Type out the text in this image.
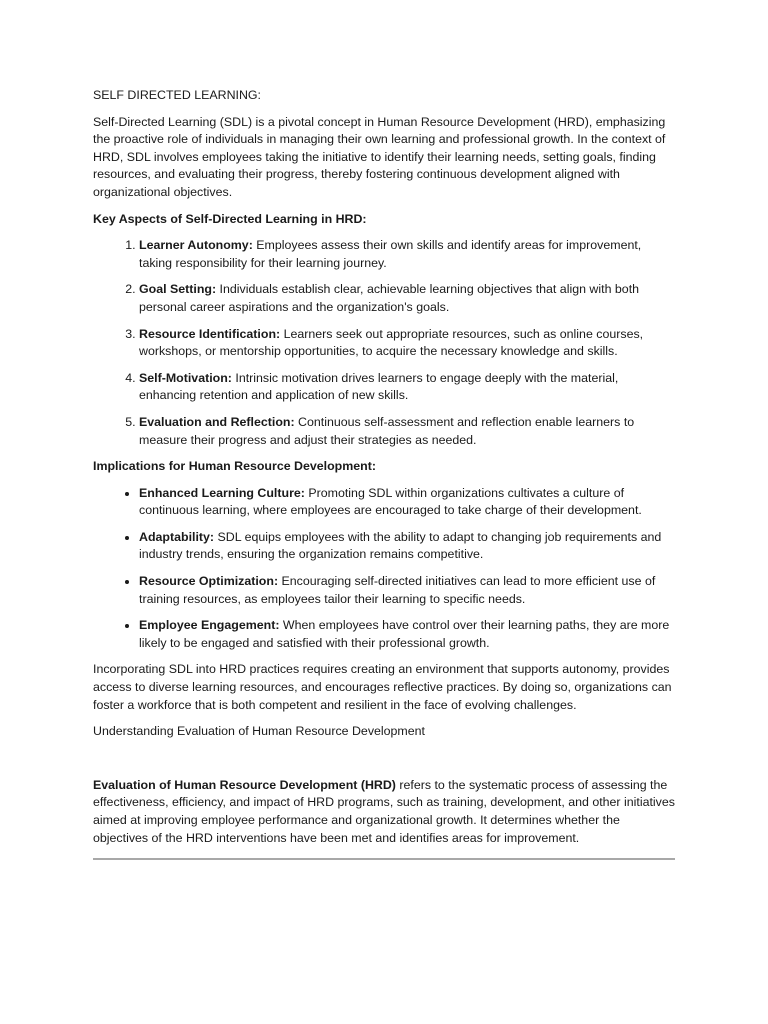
SELF DIRECTED LEARNING:

Self-Directed Learning (SDL) is a pivotal concept in Human Resource Development (HRD), emphasizing the proactive role of individuals in managing their own learning and professional growth. In the context of HRD, SDL involves employees taking the initiative to identify their learning needs, setting goals, finding resources, and evaluating their progress, thereby fostering continuous development aligned with organizational objectives.

Key Aspects of Self-Directed Learning in HRD:

1. Learner Autonomy: Employees assess their own skills and identify areas for improvement, taking responsibility for their learning journey.
2. Goal Setting: Individuals establish clear, achievable learning objectives that align with both personal career aspirations and the organization's goals.
3. Resource Identification: Learners seek out appropriate resources, such as online courses, workshops, or mentorship opportunities, to acquire the necessary knowledge and skills.
4. Self-Motivation: Intrinsic motivation drives learners to engage deeply with the material, enhancing retention and application of new skills.
5. Evaluation and Reflection: Continuous self-assessment and reflection enable learners to measure their progress and adjust their strategies as needed.

Implications for Human Resource Development:

• Enhanced Learning Culture: Promoting SDL within organizations cultivates a culture of continuous learning, where employees are encouraged to take charge of their development.
• Adaptability: SDL equips employees with the ability to adapt to changing job requirements and industry trends, ensuring the organization remains competitive.
• Resource Optimization: Encouraging self-directed initiatives can lead to more efficient use of training resources, as employees tailor their learning to specific needs.
• Employee Engagement: When employees have control over their learning paths, they are more likely to be engaged and satisfied with their professional growth.

Incorporating SDL into HRD practices requires creating an environment that supports autonomy, provides access to diverse learning resources, and encourages reflective practices. By doing so, organizations can foster a workforce that is both competent and resilient in the face of evolving challenges.

Understanding Evaluation of Human Resource Development

Evaluation of Human Resource Development (HRD) refers to the systematic process of assessing the effectiveness, efficiency, and impact of HRD programs, such as training, development, and other initiatives aimed at improving employee performance and organizational growth. It determines whether the objectives of the HRD interventions have been met and identifies areas for improvement.
